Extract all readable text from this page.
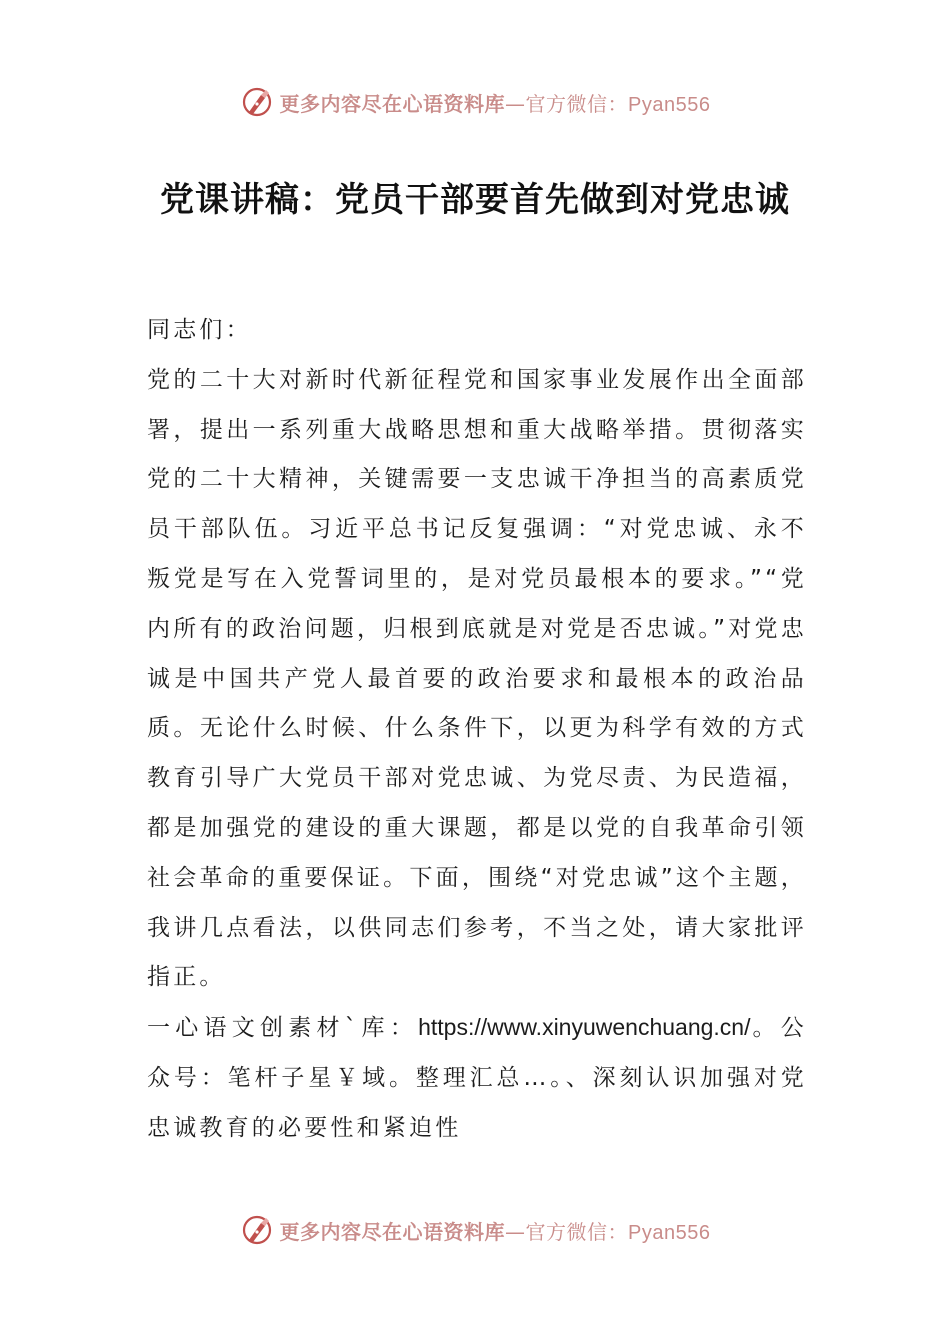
更多内容尽在心语资料库 — 官方微信： Pyan556
党课讲稿：党员干部要首先做到对党忠诚

同志们：

党的二十大对新时代新征程党和国家事业发展作出全面部署，提出一系列重大战略思想和重大战略举措。贯彻落实党的二十大精神，关键需要一支忠诚干净担当的高素质党员干部队伍。习近平总书记反复强调：“对党忠诚、永不叛党是写在入党誓词里的，是对党员最根本的要求。”“党内所有的政治问题，归根到底就是对党是否忠诚。”对党忠诚是中国共产党人最首要的政治要求和最根本的政治品质。无论什么时候、什么条件下，以更为科学有效的方式教育引导广大党员干部对党忠诚、为党尽责、为民造福，都是加强党的建设的重大课题，都是以党的自我革命引领社会革命的重要保证。下面，围绕“对党忠诚”这个主题，我讲几点看法，以供同志们参考，不当之处，请大家批评指正。

一心语文创素材`库：https://www.xinyuwenchuang.cn/。公众号：笔杆子星￥域。整理汇总…。、深刻认识加强对党忠诚教育的必要性和紧迫性

更多内容尽在心语资料库 — 官方微信： Pyan556
